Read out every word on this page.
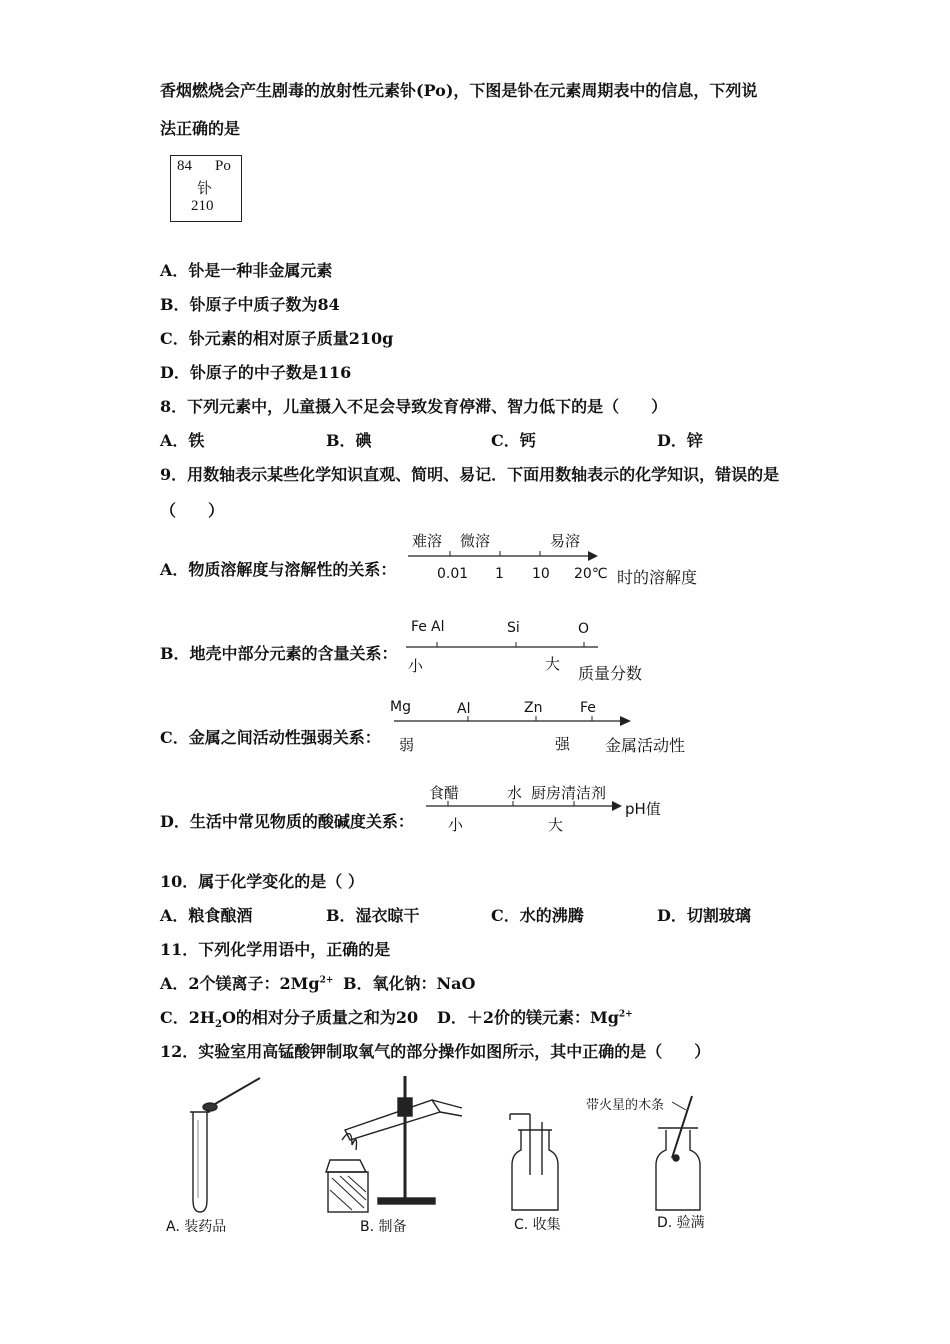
香烟燃烧会产生剧毒的放射性元素钋(Po)，下图是钋在元素周期表中的信息，下列说
法正确的是
84 Po
钋
210
A．钋是一种非金属元素
B．钋原子中质子数为84
C．钋元素的相对原子质量210g
D．钋原子的中子数是116
8．下列元素中，儿童摄入不足会导致发育停滞、智力低下的是（　　）
A．铁	B．碘	C．钙	D．锌
9．用数轴表示某些化学知识直观、简明、易记．下面用数轴表示的化学知识，错误的是
（　　）
A．物质溶解度与溶解性的关系：
难溶 微溶	易溶
0.01 1 10 20℃ 时的溶解度
B．地壳中部分元素的含量关系：
Fe Al	Si	O
小	大 质量分数
C．金属之间活动性强弱关系：
Mg	Al	Zn	Fe
弱	强 金属活动性
D．生活中常见物质的酸碱度关系：
食醋	水 厨房清洁剂
小	大
pH值
10．属于化学变化的是（ ）
A．粮食酿酒	B．湿衣晾干	C．水的沸腾	D．切割玻璃
11．下列化学用语中，正确的是
A．2个镁离子：$2Mg^{2+}$ B．氧化钠：NaO
C．$2H_2O$的相对分子质量之和为20 D．＋2价的镁元素：$Mg^{2+}$
12．实验室用高锰酸钾制取氧气的部分操作如图所示，其中正确的是（　　）
带火星的木条
A. 装药品	B. 制备	C. 收集	D. 验满
